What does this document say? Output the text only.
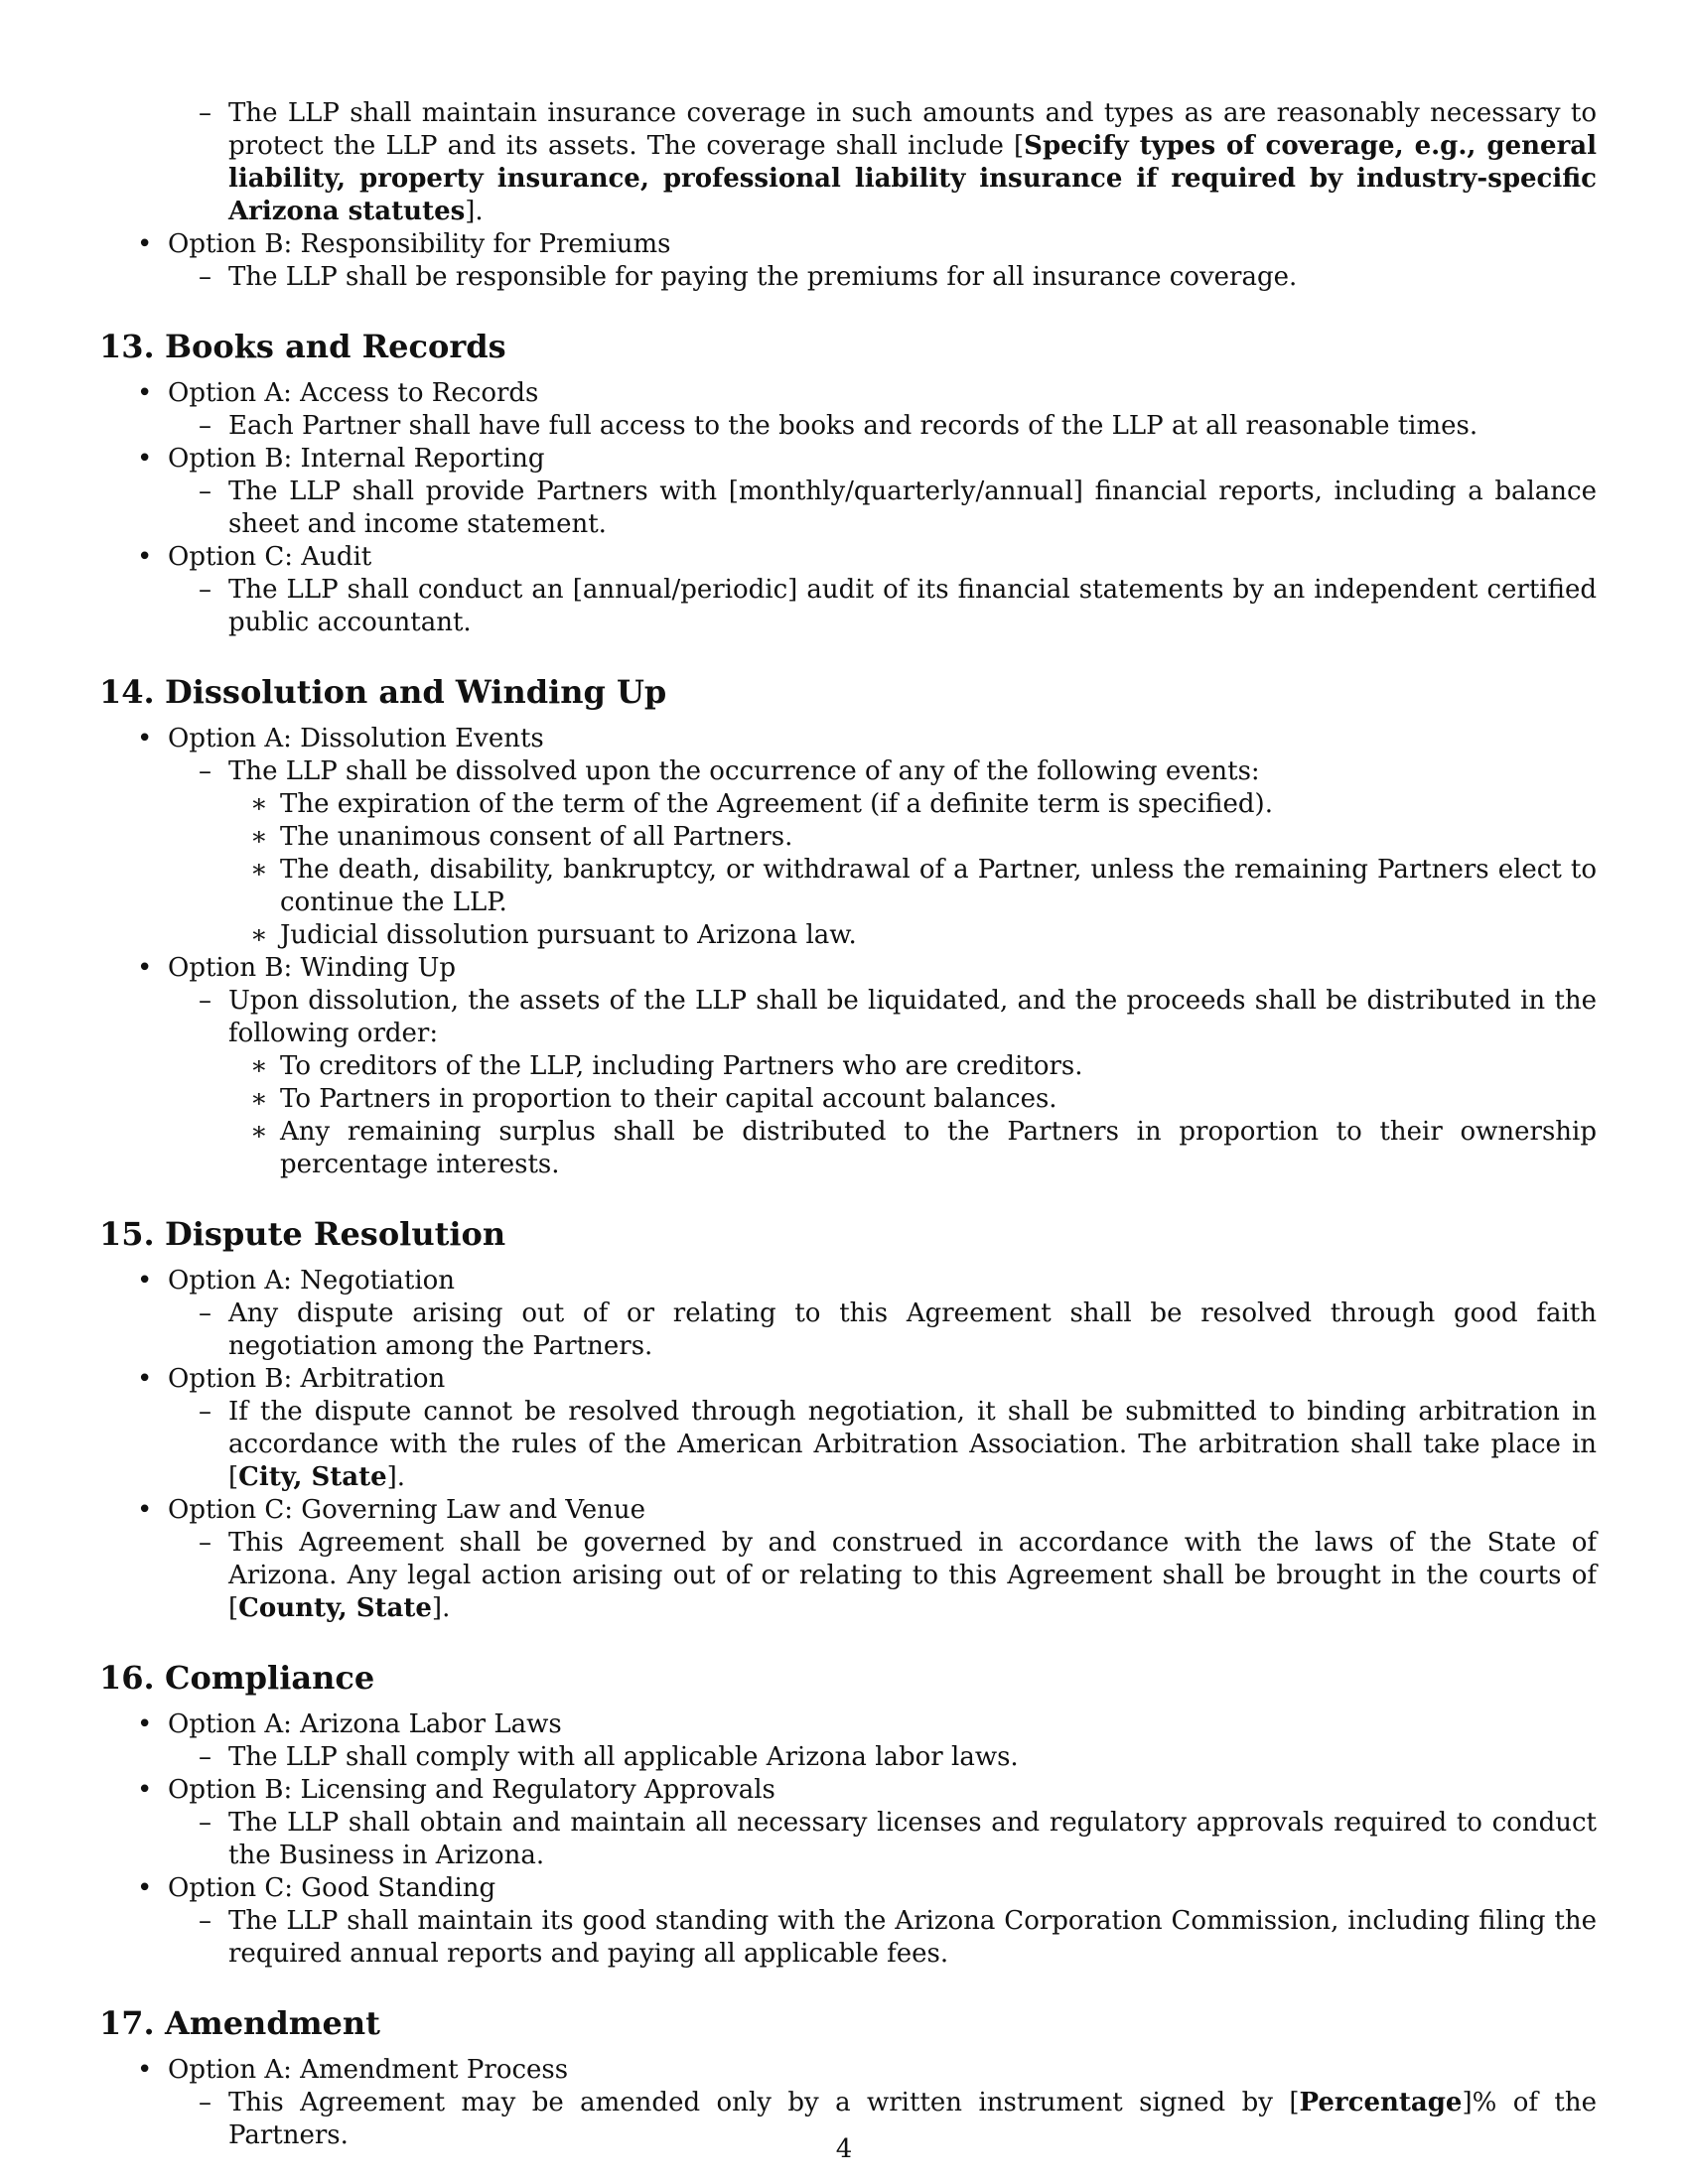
– The LLP shall maintain insurance coverage in such amounts and types as are reasonably necessary to protect the LLP and its assets. The coverage shall include [Specify types of coverage, e.g., general liability, property insurance, professional liability insurance if required by industry-specific Arizona statutes].
• Option B: Responsibility for Premiums
– The LLP shall be responsible for paying the premiums for all insurance coverage.
13. Books and Records
• Option A: Access to Records
– Each Partner shall have full access to the books and records of the LLP at all reasonable times.
• Option B: Internal Reporting
– The LLP shall provide Partners with [monthly/quarterly/annual] financial reports, including a balance sheet and income statement.
• Option C: Audit
– The LLP shall conduct an [annual/periodic] audit of its financial statements by an independent certified public accountant.
14. Dissolution and Winding Up
• Option A: Dissolution Events
– The LLP shall be dissolved upon the occurrence of any of the following events:
∗ The expiration of the term of the Agreement (if a definite term is specified).
∗ The unanimous consent of all Partners.
∗ The death, disability, bankruptcy, or withdrawal of a Partner, unless the remaining Partners elect to continue the LLP.
∗ Judicial dissolution pursuant to Arizona law.
• Option B: Winding Up
– Upon dissolution, the assets of the LLP shall be liquidated, and the proceeds shall be distributed in the following order:
∗ To creditors of the LLP, including Partners who are creditors.
∗ To Partners in proportion to their capital account balances.
∗ Any remaining surplus shall be distributed to the Partners in proportion to their ownership percentage interests.
15. Dispute Resolution
• Option A: Negotiation
– Any dispute arising out of or relating to this Agreement shall be resolved through good faith negotiation among the Partners.
• Option B: Arbitration
– If the dispute cannot be resolved through negotiation, it shall be submitted to binding arbitration in accordance with the rules of the American Arbitration Association. The arbitration shall take place in [City, State].
• Option C: Governing Law and Venue
– This Agreement shall be governed by and construed in accordance with the laws of the State of Arizona. Any legal action arising out of or relating to this Agreement shall be brought in the courts of [County, State].
16. Compliance
• Option A: Arizona Labor Laws
– The LLP shall comply with all applicable Arizona labor laws.
• Option B: Licensing and Regulatory Approvals
– The LLP shall obtain and maintain all necessary licenses and regulatory approvals required to conduct the Business in Arizona.
• Option C: Good Standing
– The LLP shall maintain its good standing with the Arizona Corporation Commission, including filing the required annual reports and paying all applicable fees.
17. Amendment
• Option A: Amendment Process
– This Agreement may be amended only by a written instrument signed by [Percentage]% of the Partners.	4
